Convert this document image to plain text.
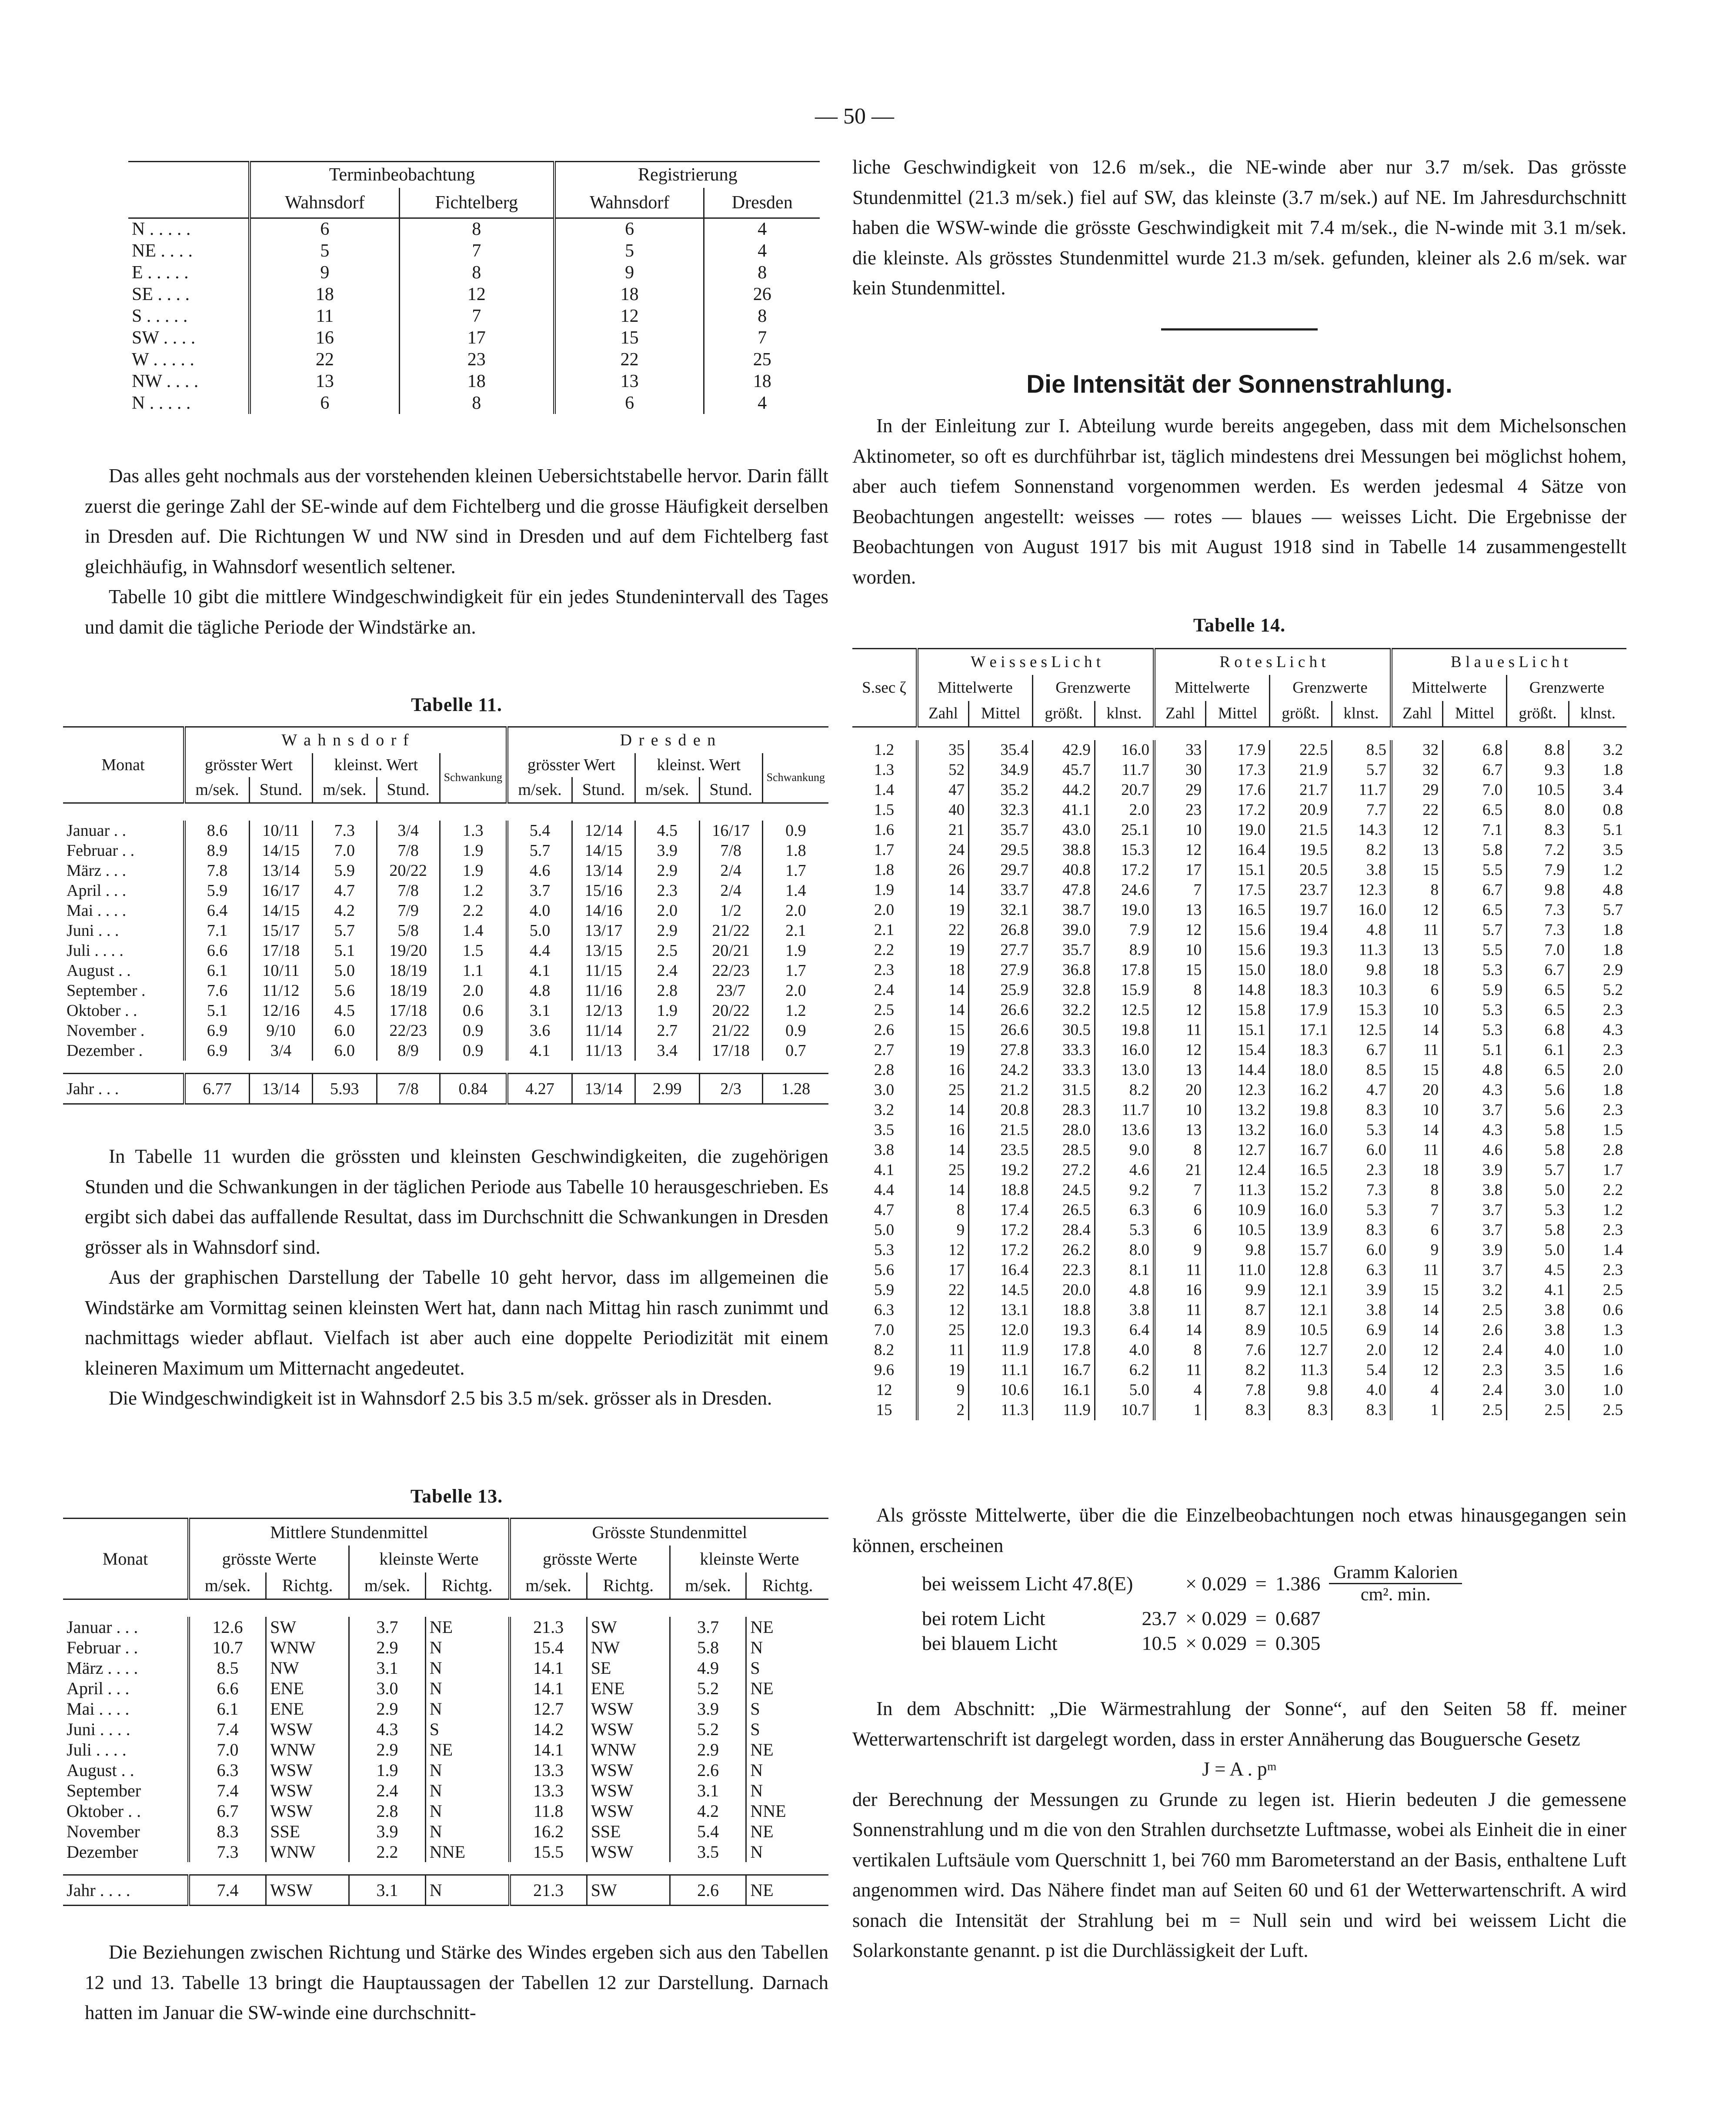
— 50 —
	Terminbeobachtung		Registrierung	
	Wahnsdorf	Fichtelberg	Wahnsdorf	Dresden
N . . . . .	6	8	6	4
NE . . . .	5	7	5	4
E . . . . .	9	8	9	8
SE . . . .	18	12	18	26
S . . . . .	11	7	12	8
SW . . . .	16	17	15	7
W . . . . .	22	23	22	25
NW . . . .	13	18	13	18
N . . . . .	6	8	6	4

Das alles geht nochmals aus der vorstehenden kleinen Uebersichtstabelle hervor. Darin fällt zuerst die geringe Zahl der SE-winde auf dem Fichtelberg und die grosse Häufigkeit derselben in Dresden auf. Die Richtungen W und NW sind in Dresden und auf dem Fichtelberg fast gleichhäufig, in Wahnsdorf wesentlich seltener.

Tabelle 10 gibt die mittlere Windgeschwindigkeit für ein jedes Stundenintervall des Tages und damit die tägliche Periode der Windstärke an.

Tabelle 11.
Monat	W a h n s d o r f					D r e s d e n				
	grösster Wert		kleinst. Wert		Schwankung	grösster Wert		kleinst. Wert		Schwankung
	m/sek.	Stund.	m/sek.	Stund.		m/sek.	Stund.	m/sek.	Stund.	

Januar . .	8.6	10/11	7.3	3/4	1.3	5.4	12/14	4.5	16/17	0.9
Februar . .	8.9	14/15	7.0	7/8	1.9	5.7	14/15	3.9	7/8	1.8
März . . .	7.8	13/14	5.9	20/22	1.9	4.6	13/14	2.9	2/4	1.7
April . . .	5.9	16/17	4.7	7/8	1.2	3.7	15/16	2.3	2/4	1.4
Mai . . . .	6.4	14/15	4.2	7/9	2.2	4.0	14/16	2.0	1/2	2.0
Juni . . .	7.1	15/17	5.7	5/8	1.4	5.0	13/17	2.9	21/22	2.1
Juli . . . .	6.6	17/18	5.1	19/20	1.5	4.4	13/15	2.5	20/21	1.9
August . .	6.1	10/11	5.0	18/19	1.1	4.1	11/15	2.4	22/23	1.7
September .	7.6	11/12	5.6	18/19	2.0	4.8	11/16	2.8	23/7	2.0
Oktober . .	5.1	12/16	4.5	17/18	0.6	3.1	12/13	1.9	20/22	1.2
November .	6.9	9/10	6.0	22/23	0.9	3.6	11/14	2.7	21/22	0.9
Dezember .	6.9	3/4	6.0	8/9	0.9	4.1	11/13	3.4	17/18	0.7

Jahr . . .	6.77	13/14	5.93	7/8	0.84	4.27	13/14	2.99	2/3	1.28

In Tabelle 11 wurden die grössten und kleinsten Geschwindigkeiten, die zugehörigen Stunden und die Schwankungen in der täglichen Periode aus Tabelle 10 herausgeschrieben. Es ergibt sich dabei das auffallende Resultat, dass im Durchschnitt die Schwankungen in Dresden grösser als in Wahnsdorf sind.

Aus der graphischen Darstellung der Tabelle 10 geht hervor, dass im allgemeinen die Windstärke am Vormittag seinen kleinsten Wert hat, dann nach Mittag hin rasch zunimmt und nachmittags wieder abflaut. Vielfach ist aber auch eine doppelte Periodizität mit einem kleineren Maximum um Mitternacht angedeutet.

Die Windgeschwindigkeit ist in Wahnsdorf 2.5 bis 3.5 m/sek. grösser als in Dresden.

Tabelle 13.
Monat	Mittlere Stundenmittel				Grösste Stundenmittel			
	grösste Werte		kleinste Werte		grösste Werte		kleinste Werte	
	m/sek.	Richtg.	m/sek.	Richtg.	m/sek.	Richtg.	m/sek.	Richtg.

Januar . . .	12.6	SW	3.7	NE	21.3	SW	3.7	NE
Februar . .	10.7	WNW	2.9	N	15.4	NW	5.8	N
März . . . .	8.5	NW	3.1	N	14.1	SE	4.9	S
April . . .	6.6	ENE	3.0	N	14.1	ENE	5.2	NE
Mai . . . .	6.1	ENE	2.9	N	12.7	WSW	3.9	S
Juni . . . .	7.4	WSW	4.3	S	14.2	WSW	5.2	S
Juli . . . .	7.0	WNW	2.9	NE	14.1	WNW	2.9	NE
August . .	6.3	WSW	1.9	N	13.3	WSW	2.6	N
September	7.4	WSW	2.4	N	13.3	WSW	3.1	N
Oktober . .	6.7	WSW	2.8	N	11.8	WSW	4.2	NNE
November	8.3	SSE	3.9	N	16.2	SSE	5.4	NE
Dezember	7.3	WNW	2.2	NNE	15.5	WSW	3.5	N

Jahr . . . .	7.4	WSW	3.1	N	21.3	SW	2.6	NE

Die Beziehungen zwischen Richtung und Stärke des Windes ergeben sich aus den Tabellen 12 und 13. Tabelle 13 bringt die Hauptaussagen der Tabellen 12 zur Darstellung. Darnach hatten im Januar die SW-winde eine durchschnitt-

liche Geschwindigkeit von 12.6 m/sek., die NE-winde aber nur 3.7 m/sek. Das grösste Stundenmittel (21.3 m/sek.) fiel auf SW, das kleinste (3.7 m/sek.) auf NE. Im Jahresdurchschnitt haben die WSW-winde die grösste Geschwindigkeit mit 7.4 m/sek., die N-winde mit 3.1 m/sek. die kleinste. Als grösstes Stundenmittel wurde 21.3 m/sek. gefunden, kleiner als 2.6 m/sek. war kein Stundenmittel.

Die Intensität der Sonnenstrahlung.

In der Einleitung zur I. Abteilung wurde bereits angegeben, dass mit dem Michelsonschen Aktinometer, so oft es durchführbar ist, täglich mindestens drei Messungen bei möglichst hohem, aber auch tiefem Sonnenstand vorgenommen werden. Es werden jedesmal 4 Sätze von Beobachtungen angestellt: weisses — rotes — blaues — weisses Licht. Die Ergebnisse der Beobachtungen von August 1917 bis mit August 1918 sind in Tabelle 14 zusammengestellt worden.

Tabelle 14.
S.sec ζ	W e i s s e s L i c h t				R o t e s L i c h t				B l a u e s L i c h t			
	Mittelwerte		Grenzwerte		Mittelwerte		Grenzwerte		Mittelwerte		Grenzwerte	
	Zahl	Mittel	größt.	klnst.	Zahl	Mittel	größt.	klnst.	Zahl	Mittel	größt.	klnst.

1.2	35	35.4	42.9	16.0	33	17.9	22.5	8.5	32	6.8	8.8	3.2
1.3	52	34.9	45.7	11.7	30	17.3	21.9	5.7	32	6.7	9.3	1.8
1.4	47	35.2	44.2	20.7	29	17.6	21.7	11.7	29	7.0	10.5	3.4
1.5	40	32.3	41.1	2.0	23	17.2	20.9	7.7	22	6.5	8.0	0.8
1.6	21	35.7	43.0	25.1	10	19.0	21.5	14.3	12	7.1	8.3	5.1
1.7	24	29.5	38.8	15.3	12	16.4	19.5	8.2	13	5.8	7.2	3.5
1.8	26	29.7	40.8	17.2	17	15.1	20.5	3.8	15	5.5	7.9	1.2
1.9	14	33.7	47.8	24.6	7	17.5	23.7	12.3	8	6.7	9.8	4.8
2.0	19	32.1	38.7	19.0	13	16.5	19.7	16.0	12	6.5	7.3	5.7
2.1	22	26.8	39.0	7.9	12	15.6	19.4	4.8	11	5.7	7.3	1.8
2.2	19	27.7	35.7	8.9	10	15.6	19.3	11.3	13	5.5	7.0	1.8
2.3	18	27.9	36.8	17.8	15	15.0	18.0	9.8	18	5.3	6.7	2.9
2.4	14	25.9	32.8	15.9	8	14.8	18.3	10.3	6	5.9	6.5	5.2
2.5	14	26.6	32.2	12.5	12	15.8	17.9	15.3	10	5.3	6.5	2.3
2.6	15	26.6	30.5	19.8	11	15.1	17.1	12.5	14	5.3	6.8	4.3
2.7	19	27.8	33.3	16.0	12	15.4	18.3	6.7	11	5.1	6.1	2.3
2.8	16	24.2	33.3	13.0	13	14.4	18.0	8.5	15	4.8	6.5	2.0
3.0	25	21.2	31.5	8.2	20	12.3	16.2	4.7	20	4.3	5.6	1.8
3.2	14	20.8	28.3	11.7	10	13.2	19.8	8.3	10	3.7	5.6	2.3
3.5	16	21.5	28.0	13.6	13	13.2	16.0	5.3	14	4.3	5.8	1.5
3.8	14	23.5	28.5	9.0	8	12.7	16.7	6.0	11	4.6	5.8	2.8
4.1	25	19.2	27.2	4.6	21	12.4	16.5	2.3	18	3.9	5.7	1.7
4.4	14	18.8	24.5	9.2	7	11.3	15.2	7.3	8	3.8	5.0	2.2
4.7	8	17.4	26.5	6.3	6	10.9	16.0	5.3	7	3.7	5.3	1.2
5.0	9	17.2	28.4	5.3	6	10.5	13.9	8.3	6	3.7	5.8	2.3
5.3	12	17.2	26.2	8.0	9	9.8	15.7	6.0	9	3.9	5.0	1.4
5.6	17	16.4	22.3	8.1	11	11.0	12.8	6.3	11	3.7	4.5	2.3
5.9	22	14.5	20.0	4.8	16	9.9	12.1	3.9	15	3.2	4.1	2.5
6.3	12	13.1	18.8	3.8	11	8.7	12.1	3.8	14	2.5	3.8	0.6
7.0	25	12.0	19.3	6.4	14	8.9	10.5	6.9	14	2.6	3.8	1.3
8.2	11	11.9	17.8	4.0	8	7.6	12.7	2.0	12	2.4	4.0	1.0
9.6	19	11.1	16.7	6.2	11	8.2	11.3	5.4	12	2.3	3.5	1.6
12	9	10.6	16.1	5.0	4	7.8	9.8	4.0	4	2.4	3.0	1.0
15	2	11.3	11.9	10.7	1	8.3	8.3	8.3	1	2.5	2.5	2.5

Als grösste Mittelwerte, über die die Einzelbeobachtungen noch etwas hinausgegangen sein können, erscheinen

bei weissem Licht 47.8(E)		× 0.029	=	1.386	$\frac{\text{Gramm Kalorien}}{\text{cm². min.}}$

bei rotem Licht	23.7	× 0.029	=	0.687	
bei blauem Licht	10.5	× 0.029	=	0.305	

In dem Abschnitt: „Die Wärmestrahlung der Sonne“, auf den Seiten 58 ff. meiner Wetterwartenschrift ist dargelegt worden, dass in erster Annäherung das Bouguersche Gesetz

J = A . pᵐ

der Berechnung der Messungen zu Grunde zu legen ist. Hierin bedeuten J die gemessene Sonnenstrahlung und m die von den Strahlen durchsetzte Luftmasse, wobei als Einheit die in einer vertikalen Luftsäule vom Querschnitt 1, bei 760 mm Barometerstand an der Basis, enthaltene Luft angenommen wird. Das Nähere findet man auf Seiten 60 und 61 der Wetterwartenschrift. A wird sonach die Intensität der Strahlung bei m = Null sein und wird bei weissem Licht die Solarkonstante genannt. p ist die Durchlässigkeit der Luft.
